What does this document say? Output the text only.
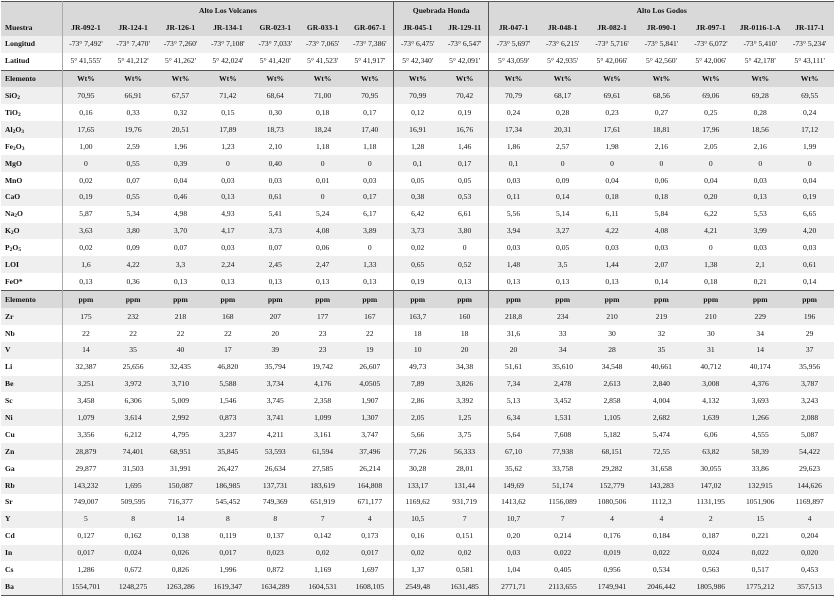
	Alto Los Volcanes							Quebrada Honda		Alto Los Godos						
Muestra	JR-092-1	JR-124-1	JR-126-1	JR-134-1	GR-023-1	GR-033-1	GR-067-1	JR-045-1	JR-129-11	JR-047-1	JR-048-1	JR-082-1	JR-090-1	JR-097-1	JR-0116-1-A	JR-117-1
Longitud	-73° 7,492'	-73° 7,470'	-73° 7,260'	-73° 7,108'	-73° 7,033'	-73° 7,065'	-73° 7,386'	-73° 6,475'	-73° 6,547'	-73° 5,697'	-73° 6,215'	-73° 5,716'	-73° 5,841'	-73° 6,072'	-73° 5,410'	-73° 5,234'
Latitud	5° 41,555'	5° 41,212'	5° 41,262'	5° 42,024'	5° 41,420'	5° 41,523'	5° 41,917'	5° 42,340'	5° 42,091'	5° 43,059'	5° 42,935'	5° 42,066'	5° 42,560'	5° 42,006'	5° 42,178'	5° 43,111'
Elemento	Wt%	Wt%	Wt%	Wt%	Wt%	Wt%	Wt%	Wt%	Wt%	Wt%	Wt%	Wt%	Wt%	Wt%	Wt%	Wt%
SiO$_2$	70,95	66,91	67,57	71,42	68,64	71,00	70,95	70,99	70,42	70,79	68,17	69,61	68,56	69,06	69,28	69,55
TiO$_2$	0,16	0,33	0,32	0,15	0,30	0,18	0,17	0,12	0,19	0,24	0,28	0,23	0,27	0,25	0,28	0,24
$Al_2O_3$	17,65	19,76	20,51	17,89	18,73	18,24	17,40	16,91	16,76	17,34	20,31	17,61	18,81	17,96	18,56	17,12
$Fe_2O_3$	1,00	2,59	1,96	1,23	2,10	1,18	1,18	1,28	1,46	1,86	2,57	1,98	2,16	2,05	2,16	1,99
MgO	0	0,55	0,39	0	0,40	0	0	0,1	0,17	0,1	0	0	0	0	0	0
MnO	0,02	0,07	0,04	0,03	0,03	0,01	0,03	0,05	0,05	0,03	0,09	0,04	0,06	0,04	0,03	0,04
CaO	0,19	0,55	0,46	0,13	0,61	0	0,17	0,38	0,53	0,11	0,14	0,18	0,18	0,20	0,13	0,19
$Na_2O$	5,87	5,34	4,98	4,93	5,41	5,24	6,17	6,42	6,61	5,56	5,14	6,11	5,84	6,22	5,53	6,65
$K_2O$	3,63	3,80	3,70	4,17	3,73	4,08	3,89	3,73	3,80	3,94	3,27	4,22	4,08	4,21	3,99	4,20
$P_2O_5$	0,02	0,09	0,07	0,03	0,07	0,06	0	0,02	0	0,03	0,05	0,03	0,03	0	0,03	0,03
LOI	1,6	4,22	3,3	2,24	2,45	2,47	1,33	0,65	0,52	1,48	3,5	1,44	2,07	1,38	2,1	0,61
FeO*	0,13	0,36	0,13	0,13	0,13	0,13	0,13	0,19	0,13	0,13	0,13	0,13	0,14	0,18	0,21	0,14
Elemento	ppm	ppm	ppm	ppm	ppm	ppm	ppm	ppm	ppm	ppm	ppm	ppm	ppm	ppm	ppm	ppm
Zr	175	232	218	168	207	177	167	163,7	160	218,8	234	210	219	210	229	196
Nb	22	22	22	22	20	23	22	18	18	31,6	33	30	32	30	34	29
V	14	35	40	17	39	23	19	10	20	20	34	28	35	31	14	37
Li	32,387	25,656	32,435	46,820	35,794	19,742	26,607	49,73	34,38	51,61	35,610	34,548	40,661	40,712	40,174	35,956
Be	3,251	3,972	3,710	5,588	3,734	4,176	4,0505	7,89	3,826	7,34	2,478	2,613	2,840	3,008	4,376	3,787
Sc	3,458	6,306	5,009	1,546	3,745	2,358	1,907	2,86	3,392	5,13	3,452	2,858	4,004	4,132	3,693	3,243
Ni	1,079	3,614	2,992	0,873	3,741	1,099	1,307	2,05	1,25	6,34	1,531	1,105	2,682	1,639	1,266	2,088
Cu	3,356	6,212	4,795	3,237	4,211	3,161	3,747	5,66	3,75	5,64	7,608	5,182	5,474	6,06	4,555	5,087
Zn	28,879	74,401	68,951	35,845	53,593	61,594	37,496	77,26	56,333	67,10	77,938	68,151	72,55	63,82	58,39	54,422
Ga	29,877	31,503	31,991	26,427	26,634	27,585	26,214	30,28	28,01	35,62	33,758	29,282	31,658	30,055	33,86	29,623
Rb	143,232	1,695	150,087	186,985	137,731	183,619	164,808	133,17	131,44	149,69	51,174	152,779	143,283	147,02	132,915	144,626
Sr	749,007	509,595	716,377	545,452	749,369	651,919	671,177	1169,62	931,719	1413,62	1156,089	1080,506	1112,3	1131,195	1051,906	1169,897
Y	5	8	14	8	8	7	4	10,5	7	10,7	7	4	4	2	15	4
Cd	0,127	0,162	0,138	0,119	0,137	0,142	0,173	0,16	0,151	0,20	0,214	0,176	0,184	0,187	0,221	0,204
In	0,017	0,024	0,026	0,017	0,023	0,02	0,017	0,02	0,02	0,03	0,022	0,019	0,022	0,024	0,022	0,020
Cs	1,286	0,672	0,826	1,996	0,872	1,169	1,697	1,37	0,581	1,04	0,405	0,956	0,534	0,563	0,517	0,453
Ba	1554,701	1248,275	1263,286	1619,347	1634,289	1604,531	1608,105	2549,48	1631,485	2771,71	2113,655	1749,941	2046,442	1805,986	1775,212	357,513
